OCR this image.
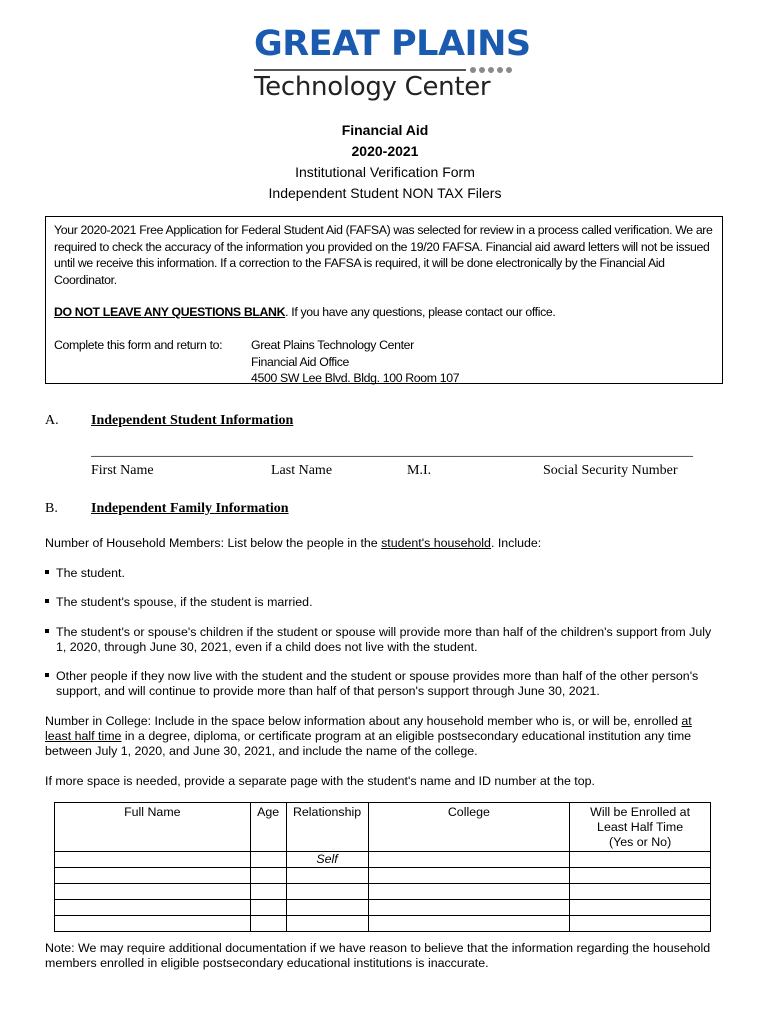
GREAT PLAINS
Technology Center
Financial Aid
2020-2021
Institutional Verification Form
Independent Student NON TAX Filers
Your 2020-2021 Free Application for Federal Student Aid (FAFSA) was selected for review in a process called verification. We are
required to check the accuracy of the information you provided on the 19/20 FAFSA. Financial aid award letters will not be issued
until we receive this information. If a correction to the FAFSA is required, it will be done electronically by the Financial Aid
Coordinator.
DO NOT LEAVE ANY QUESTIONS BLANK. If you have any questions, please contact our office.
Complete this form and return to: Great Plains Technology Center
Financial Aid Office
4500 SW Lee Blvd. Bldg. 100 Room 107
A. Independent Student Information
______________________________________________________________________________________
First Name	Last Name	M.I.	Social Security Number
B. Independent Family Information
Number of Household Members: List below the people in the student's household. Include:
The student.
The student's spouse, if the student is married.
The student's or spouse's children if the student or spouse will provide more than half of the children's support from July
1, 2020, through June 30, 2021, even if a child does not live with the student.
Other people if they now live with the student and the student or spouse provides more than half of the other person's
support, and will continue to provide more than half of that person's support through June 30, 2021.
Number in College: Include in the space below information about any household member who is, or will be, enrolled at
least half time in a degree, diploma, or certificate program at an eligible postsecondary educational institution any time
between July 1, 2020, and June 30, 2021, and include the name of the college.
If more space is needed, provide a separate page with the student's name and ID number at the top.
Full Name	Age	Relationship	College	Will be Enrolled at
Least Half Time
(Yes or No)

		Self		

Note: We may require additional documentation if we have reason to believe that the information regarding the household
members enrolled in eligible postsecondary educational institutions is inaccurate.
